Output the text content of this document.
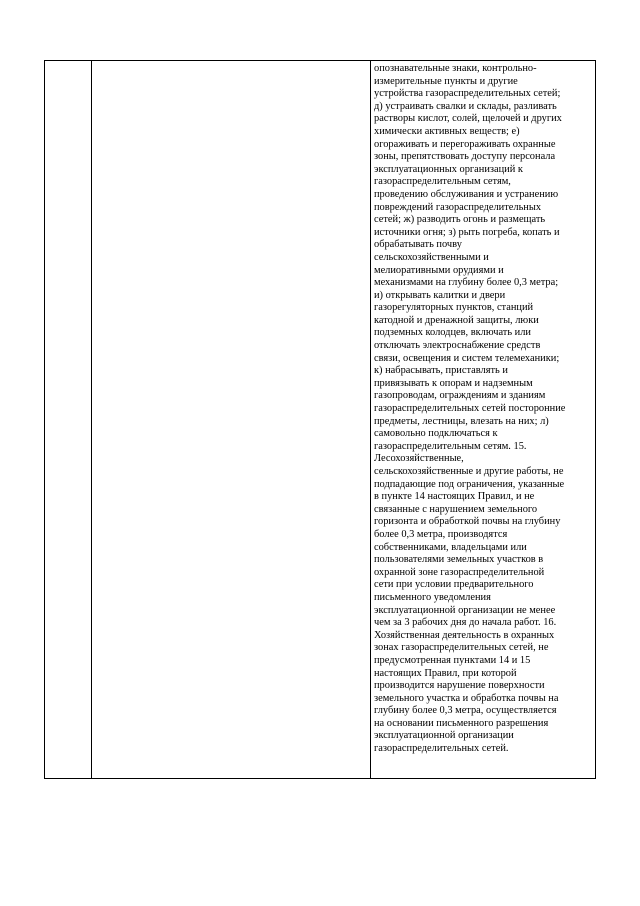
опознавательные знаки, контрольно-
измерительные пункты и другие
устройства газораспределительных сетей;
д) устраивать свалки и склады, разливать
растворы кислот, солей, щелочей и других
химически активных веществ; е)
огораживать и перегораживать охранные
зоны, препятствовать доступу персонала
эксплуатационных организаций к
газораспределительным сетям,
проведению обслуживания и устранению
повреждений газораспределительных
сетей; ж) разводить огонь и размещать
источники огня; з) рыть погреба, копать и
обрабатывать почву
сельскохозяйственными и
мелиоративными орудиями и
механизмами на глубину более 0,3 метра;
и) открывать калитки и двери
газорегуляторных пунктов, станций
катодной и дренажной защиты, люки
подземных колодцев, включать или
отключать электроснабжение средств
связи, освещения и систем телемеханики;
к) набрасывать, приставлять и
привязывать к опорам и надземным
газопроводам, ограждениям и зданиям
газораспределительных сетей посторонние
предметы, лестницы, влезать на них; л)
самовольно подключаться к
газораспределительным сетям. 15.
Лесохозяйственные,
сельскохозяйственные и другие работы, не
подпадающие под ограничения, указанные
в пункте 14 настоящих Правил, и не
связанные с нарушением земельного
горизонта и обработкой почвы на глубину
более 0,3 метра, производятся
собственниками, владельцами или
пользователями земельных участков в
охранной зоне газораспределительной
сети при условии предварительного
письменного уведомления
эксплуатационной организации не менее
чем за 3 рабочих дня до начала работ. 16.
Хозяйственная деятельность в охранных
зонах газораспределительных сетей, не
предусмотренная пунктами 14 и 15
настоящих Правил, при которой
производится нарушение поверхности
земельного участка и обработка почвы на
глубину более 0,3 метра, осуществляется
на основании письменного разрешения
эксплуатационной организации
газораспределительных сетей.
